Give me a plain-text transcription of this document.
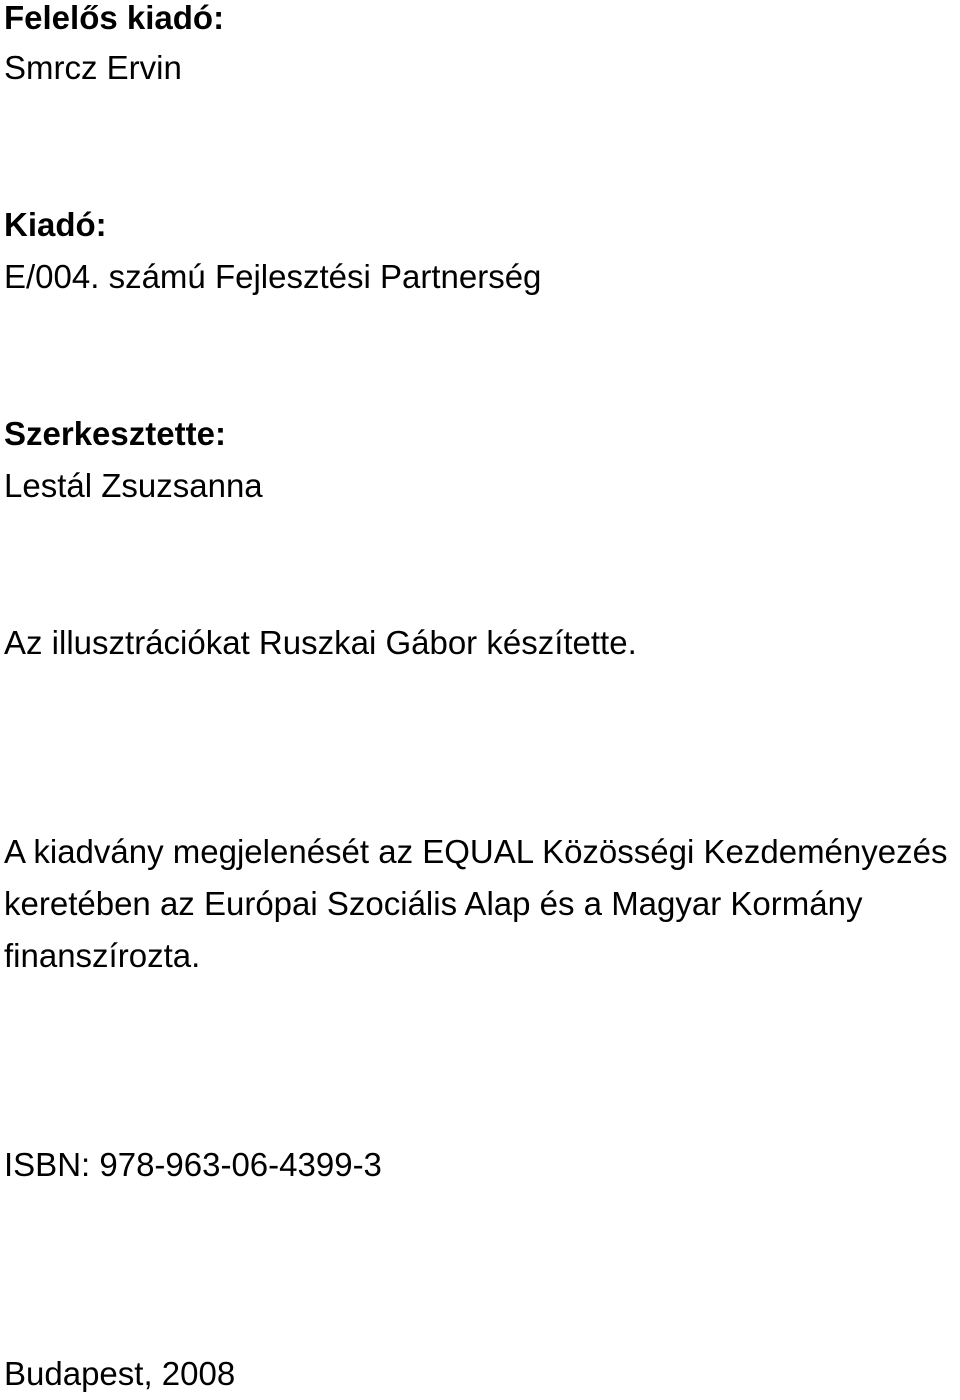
Felelős kiadó:

Smrcz Ervin

Kiadó:

E/004. számú Fejlesztési Partnerség

Szerkesztette:

Lestál Zsuzsanna

Az illusztrációkat Ruszkai Gábor készítette.

A kiadvány megjelenését az EQUAL Közösségi Kezdeményezés

keretében az Európai Szociális Alap és a Magyar Kormány

finanszírozta.

ISBN: 978-963-06-4399-3

Budapest, 2008
